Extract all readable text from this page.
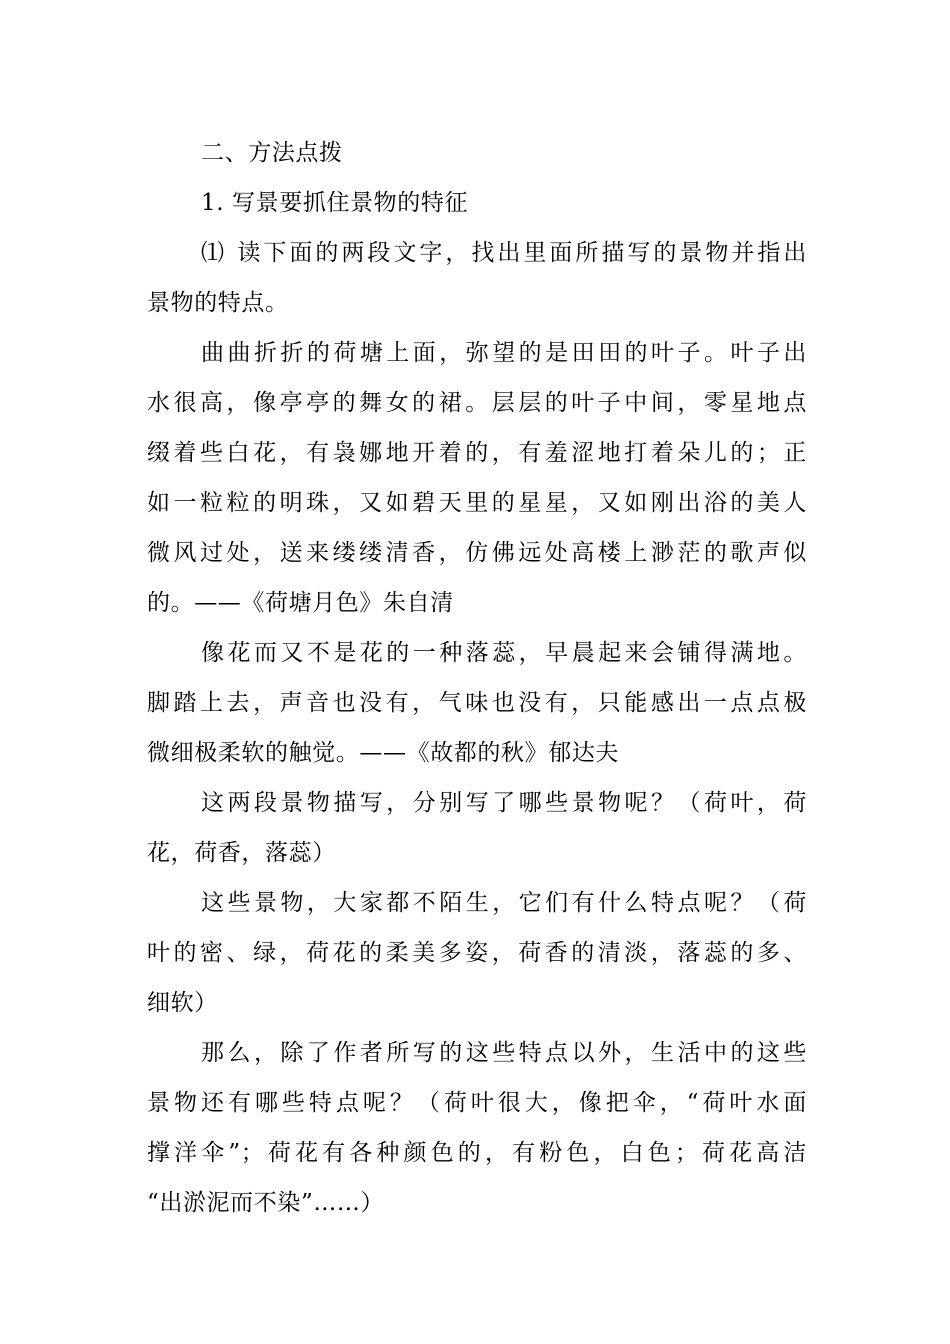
二、方法点拨
1. 写景要抓住景物的特征
⑴ 读下面的两段文字，找出里面所描写的景物并指出
景物的特点。
曲曲折折的荷塘上面，弥望的是田田的叶子。叶子出
水很高，像亭亭的舞女的裙。层层的叶子中间，零星地点
缀着些白花，有袅娜地开着的，有羞涩地打着朵儿的；正
如一粒粒的明珠，又如碧天里的星星，又如刚出浴的美人
微风过处，送来缕缕清香，仿佛远处高楼上渺茫的歌声似
的。——《荷塘月色》朱自清
像花而又不是花的一种落蕊，早晨起来会铺得满地。
脚踏上去，声音也没有，气味也没有，只能感出一点点极
微细极柔软的触觉。——《故都的秋》郁达夫
这两段景物描写，分别写了哪些景物呢？（荷叶，荷
花，荷香，落蕊）
这些景物，大家都不陌生，它们有什么特点呢？（荷
叶的密、绿，荷花的柔美多姿，荷香的清淡，落蕊的多、
细软）
那么，除了作者所写的这些特点以外，生活中的这些
景物还有哪些特点呢？（荷叶很大，像把伞，“荷叶水面
撑洋伞”；荷花有各种颜色的，有粉色，白色；荷花高洁
“出淤泥而不染”……）
